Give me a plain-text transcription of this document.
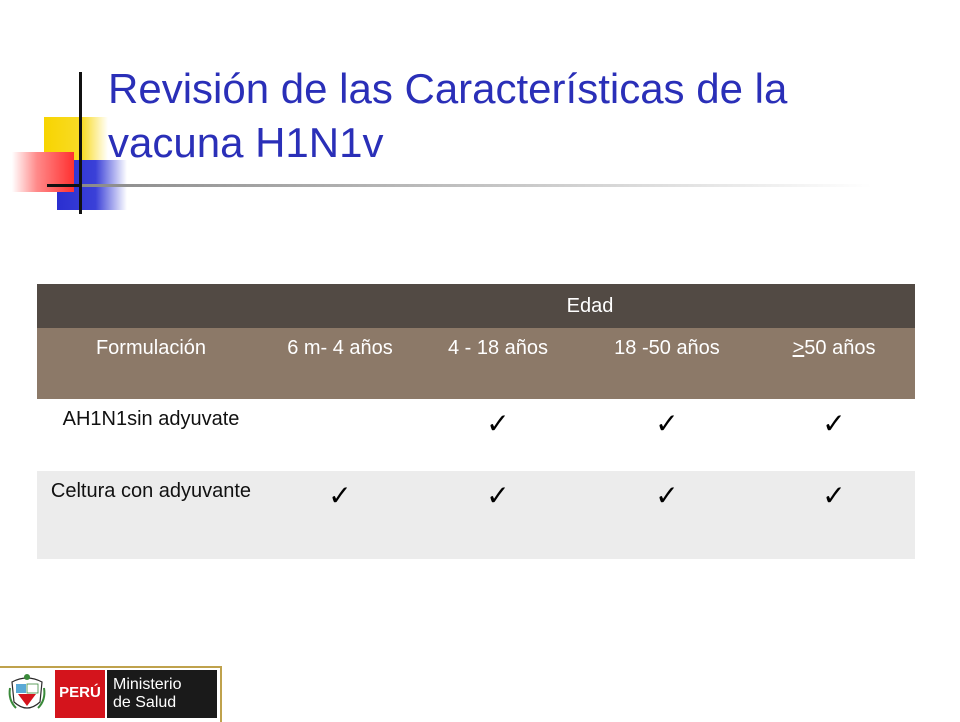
Revisión de las Características de la vacuna H1N1v
	Edad			
Formulación	6 m- 4 años	4 - 18 años	18 -50 años	>50 años
AH1N1sin adyuvate		✓	✓	✓
Celtura con adyuvante	✓	✓	✓	✓
PERÚ Ministerio
de Salud
